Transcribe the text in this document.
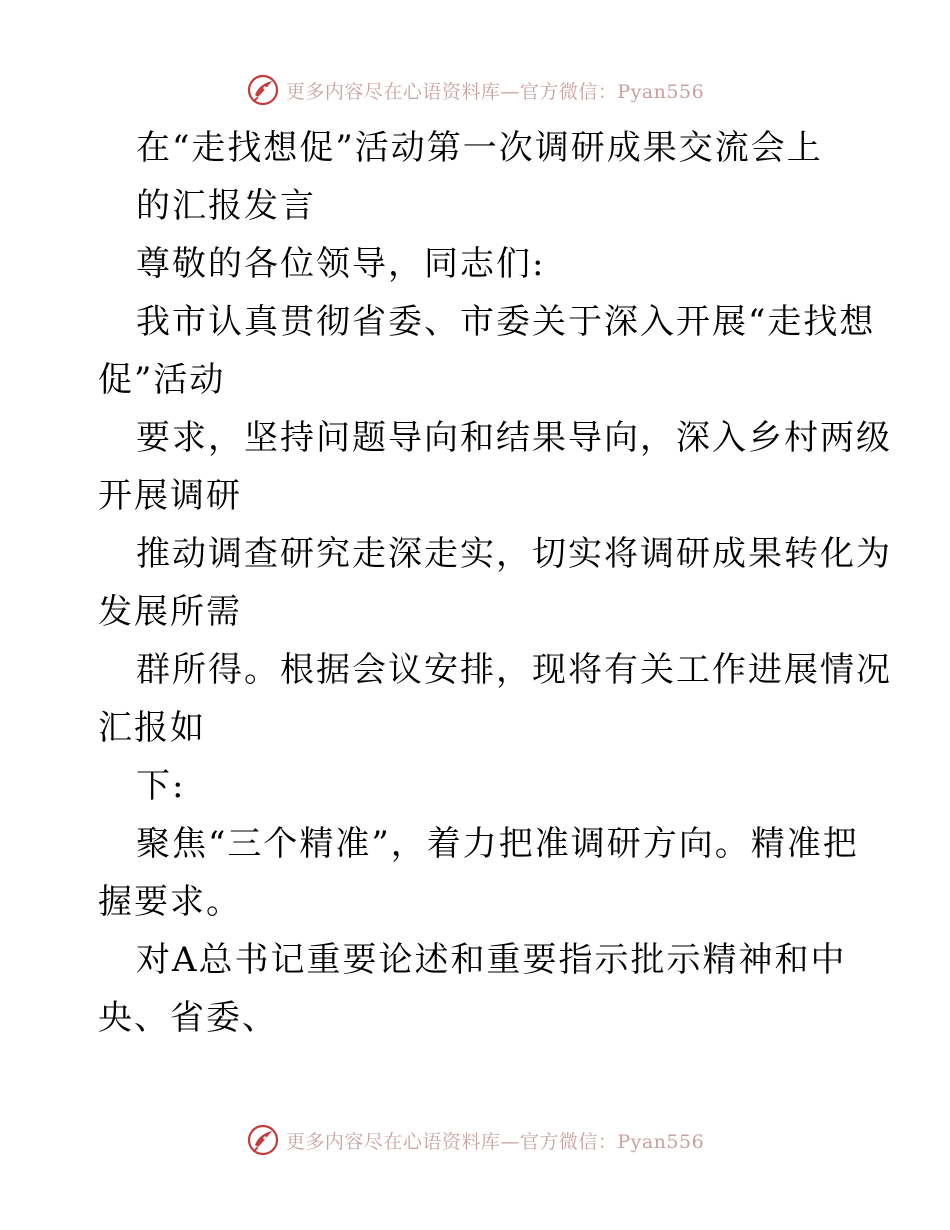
更多内容尽在心语资料库—官方微信：Pyan556
在“走找想促”活动第一次调研成果交流会上
的汇报发言
尊敬的各位领导，同志们:
我市认真贯彻省委、市委关于深入开展“走找想
促”活动
要求，坚持问题导向和结果导向，深入乡村两级
开展调研
推动调查研究走深走实，切实将调研成果转化为
发展所需
群所得。根据会议安排，现将有关工作进展情况
汇报如
下:
聚焦“三个精准”，着力把准调研方向。精准把
握要求。
对A总书记重要论述和重要指示批示精神和中
央、省委、
更多内容尽在心语资料库—官方微信：Pyan556
